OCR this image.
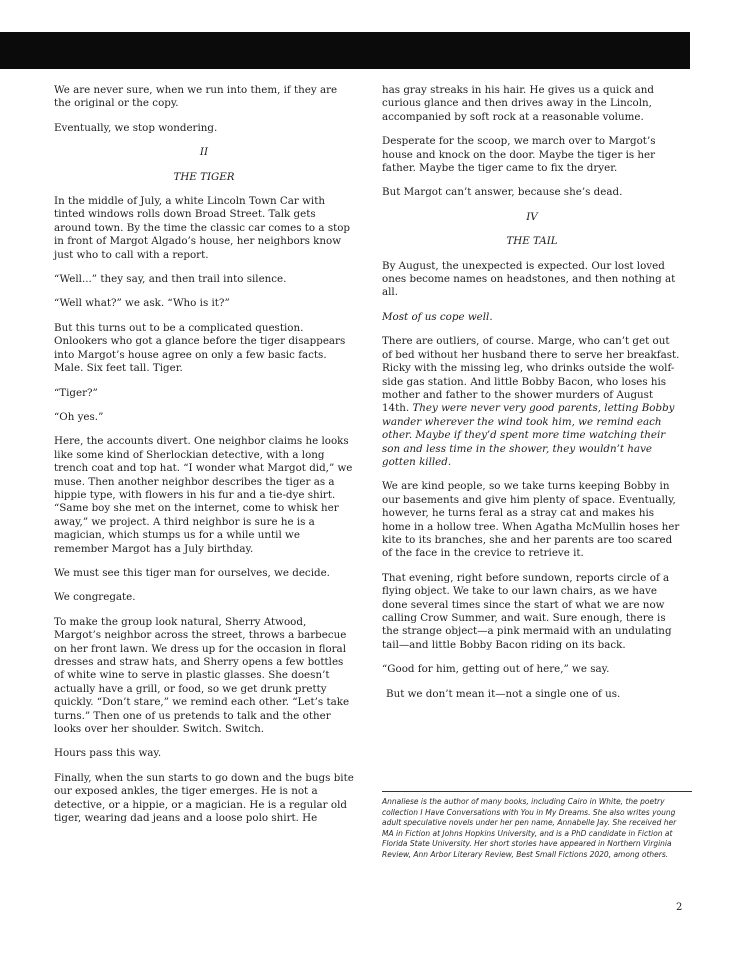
We are never sure, when we run into them, if they are the original or the copy.

Eventually, we stop wondering.

II

THE TIGER

In the middle of July, a white Lincoln Town Car with tinted windows rolls down Broad Street. Talk gets around town. By the time the classic car comes to a stop in front of Margot Algado’s house, her neighbors know just who to call with a report.

“Well...” they say, and then trail into silence.

“Well what?” we ask. “Who is it?”

But this turns out to be a complicated question. Onlookers who got a glance before the tiger disappears into Margot’s house agree on only a few basic facts. Male. Six feet tall. Tiger.

“Tiger?”

“Oh yes.”

Here, the accounts divert. One neighbor claims he looks like some kind of Sherlockian detective, with a long trench coat and top hat. “I wonder what Margot did,” we muse. Then another neighbor describes the tiger as a hippie type, with flowers in his fur and a tie-dye shirt. “Same boy she met on the internet, come to whisk her away,” we project. A third neighbor is sure he is a magician, which stumps us for a while until we remember Margot has a July birthday.

We must see this tiger man for ourselves, we decide.

We congregate.

To make the group look natural, Sherry Atwood, Margot’s neighbor across the street, throws a barbecue on her front lawn. We dress up for the occasion in floral dresses and straw hats, and Sherry opens a few bottles of white wine to serve in plastic glasses. She doesn’t actually have a grill, or food, so we get drunk pretty quickly. “Don’t stare,” we remind each other. “Let’s take turns.” Then one of us pretends to talk and the other looks over her shoulder. Switch. Switch.

Hours pass this way.

Finally, when the sun starts to go down and the bugs bite our exposed ankles, the tiger emerges. He is not a detective, or a hippie, or a magician. He is a regular old tiger, wearing dad jeans and a loose polo shirt. He

has gray streaks in his hair. He gives us a quick and curious glance and then drives away in the Lincoln, accompanied by soft rock at a reasonable volume.

Desperate for the scoop, we march over to Margot’s house and knock on the door. Maybe the tiger is her father. Maybe the tiger came to fix the dryer.

But Margot can’t answer, because she’s dead.

IV

THE TAIL

By August, the unexpected is expected. Our lost loved ones become names on headstones, and then nothing at all.

Most of us cope well.

There are outliers, of course. Marge, who can’t get out of bed without her husband there to serve her breakfast. Ricky with the missing leg, who drinks outside the wolf-side gas station. And little Bobby Bacon, who loses his mother and father to the shower murders of August 14th. They were never very good parents, letting Bobby wander wherever the wind took him, we remind each other. Maybe if they’d spent more time watching their son and less time in the shower, they wouldn’t have gotten killed.

We are kind people, so we take turns keeping Bobby in our basements and give him plenty of space. Eventually, however, he turns feral as a stray cat and makes his home in a hollow tree. When Agatha McMullin hoses her kite to its branches, she and her parents are too scared of the face in the crevice to retrieve it.

That evening, right before sundown, reports circle of a flying object. We take to our lawn chairs, as we have done several times since the start of what we are now calling Crow Summer, and wait. Sure enough, there is the strange object—a pink mermaid with an undulating tail—and little Bobby Bacon riding on its back.

“Good for him, getting out of here,” we say.

But we don’t mean it—not a single one of us.

Annaliese is the author of many books, including Cairo in White, the poetry collection I Have Conversations with You in My Dreams. She also writes young adult speculative novels under her pen name, Annabelle Jay. She received her MA in Fiction at Johns Hopkins University, and is a PhD candidate in Fiction at Florida State University. Her short stories have appeared in Northern Virginia Review, Ann Arbor Literary Review, Best Small Fictions 2020, among others.
2
